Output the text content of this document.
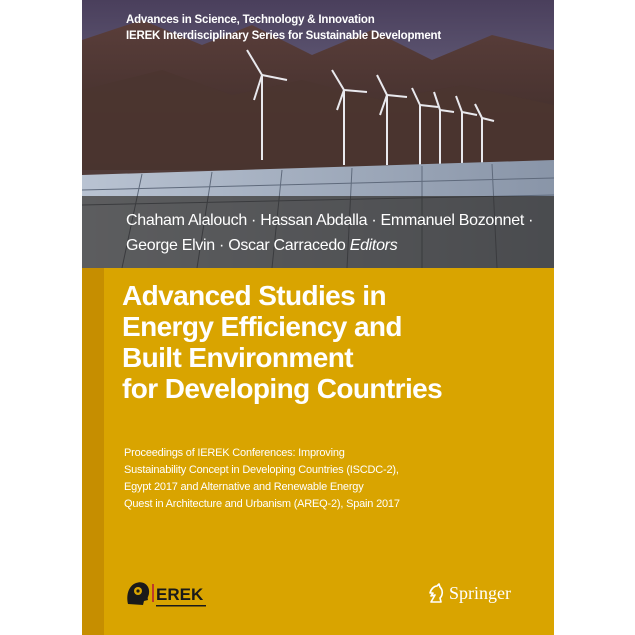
Advances in Science, Technology & Innovation
IEREK Interdisciplinary Series for Sustainable Development
Chaham Alalouch · Hassan Abdalla · Emmanuel Bozonnet ·
George Elvin · Oscar Carracedo Editors
Advanced Studies in
Energy Efficiency and
Built Environment
for Developing Countries
Proceedings of IEREK Conferences: Improving
Sustainability Concept in Developing Countries (ISCDC-2),
Egypt 2017 and Alternative and Renewable Energy
Quest in Architecture and Urbanism (AREQ-2), Spain 2017
EREK	Springer
